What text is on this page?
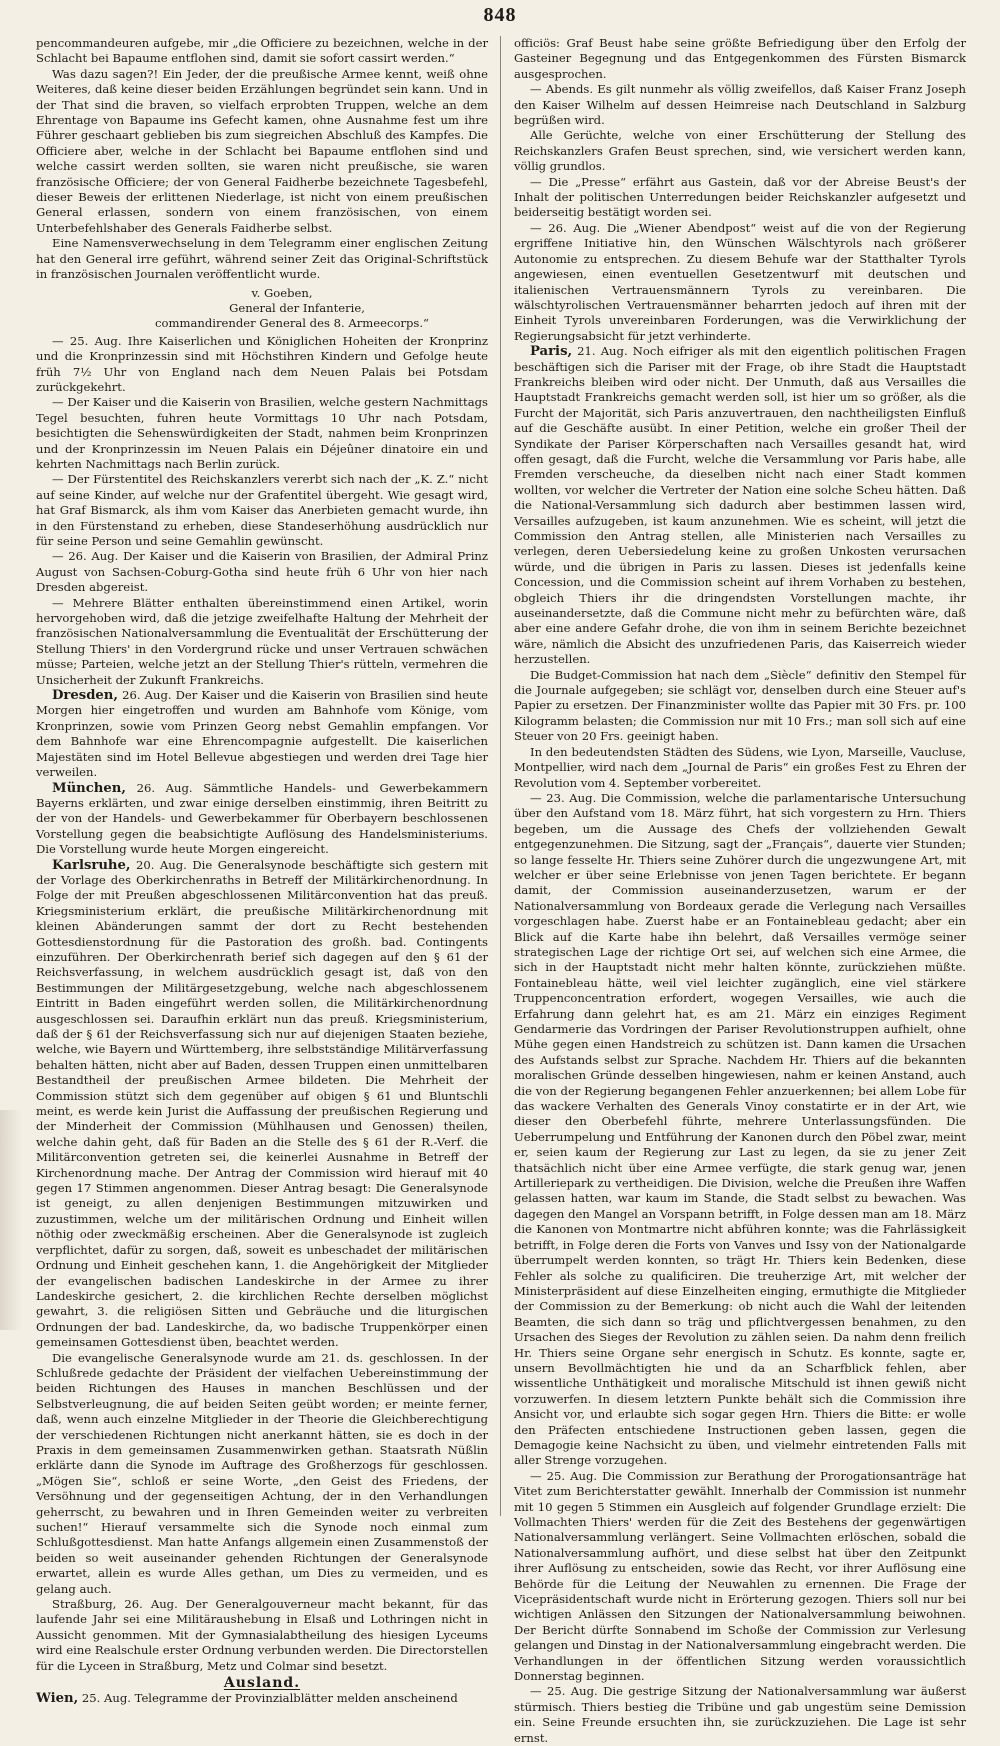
848

pencommandeuren aufgebe, mir „die Officiere zu bezeichnen, welche in der Schlacht bei Bapaume entflohen sind, damit sie sofort cassirt werden.“

Was dazu sagen?! Ein Jeder, der die preußische Armee kennt, weiß ohne Weiteres, daß keine dieser beiden Erzählungen begründet sein kann. Und in der That sind die braven, so vielfach erprobten Truppen, welche an dem Ehrentage von Bapaume ins Gefecht kamen, ohne Ausnahme fest um ihre Führer geschaart geblieben bis zum siegreichen Abschluß des Kampfes. Die Officiere aber, welche in der Schlacht bei Bapaume entflohen sind und welche cassirt werden sollten, sie waren nicht preußische, sie waren französische Officiere; der von General Faidherbe bezeichnete Tagesbefehl, dieser Beweis der erlittenen Niederlage, ist nicht von einem preußischen General erlassen, sondern von einem französischen, von einem Unterbefehlshaber des Generals Faidherbe selbst.

Eine Namensverwechselung in dem Telegramm einer englischen Zeitung hat den General irre geführt, während seiner Zeit das Original-Schriftstück in französischen Journalen veröffentlicht wurde.

v. Goeben,
General der Infanterie,
commandirender General des 8. Armeecorps.“

— 25. Aug. Ihre Kaiserlichen und Königlichen Hoheiten der Kronprinz und die Kronprinzessin sind mit Höchstihren Kindern und Gefolge heute früh 7½ Uhr von England nach dem Neuen Palais bei Potsdam zurückgekehrt.

— Der Kaiser und die Kaiserin von Brasilien, welche gestern Nachmittags Tegel besuchten, fuhren heute Vormittags 10 Uhr nach Potsdam, besichtigten die Sehenswürdigkeiten der Stadt, nahmen beim Kronprinzen und der Kronprinzessin im Neuen Palais ein Déjeûner dinatoire ein und kehrten Nachmittags nach Berlin zurück.

— Der Fürstentitel des Reichskanzlers vererbt sich nach der „K. Z.“ nicht auf seine Kinder, auf welche nur der Grafentitel übergeht. Wie gesagt wird, hat Graf Bismarck, als ihm vom Kaiser das Anerbieten gemacht wurde, ihn in den Fürstenstand zu erheben, diese Standeserhöhung ausdrücklich nur für seine Person und seine Gemahlin gewünscht.

— 26. Aug. Der Kaiser und die Kaiserin von Brasilien, der Admiral Prinz August von Sachsen-Coburg-Gotha sind heute früh 6 Uhr von hier nach Dresden abgereist.

— Mehrere Blätter enthalten übereinstimmend einen Artikel, worin hervorgehoben wird, daß die jetzige zweifelhafte Haltung der Mehrheit der französischen Nationalversammlung die Eventualität der Erschütterung der Stellung Thiers' in den Vordergrund rücke und unser Vertrauen schwächen müsse; Parteien, welche jetzt an der Stellung Thier's rütteln, vermehren die Unsicherheit der Zukunft Frankreichs.

Dresden, 26. Aug. Der Kaiser und die Kaiserin von Brasilien sind heute Morgen hier eingetroffen und wurden am Bahnhofe vom Könige, vom Kronprinzen, sowie vom Prinzen Georg nebst Gemahlin empfangen. Vor dem Bahnhofe war eine Ehrencompagnie aufgestellt. Die kaiserlichen Majestäten sind im Hotel Bellevue abgestiegen und werden drei Tage hier verweilen.

München, 26. Aug. Sämmtliche Handels- und Gewerbekammern Bayerns erklärten, und zwar einige derselben einstimmig, ihren Beitritt zu der von der Handels- und Gewerbekammer für Oberbayern beschlossenen Vorstellung gegen die beabsichtigte Auflösung des Handelsministeriums. Die Vorstellung wurde heute Morgen eingereicht.

Karlsruhe, 20. Aug. Die Generalsynode beschäftigte sich gestern mit der Vorlage des Oberkirchenraths in Betreff der Militärkirchenordnung. In Folge der mit Preußen abgeschlossenen Militärconvention hat das preuß. Kriegsministerium erklärt, die preußische Militärkirchenordnung mit kleinen Abänderungen sammt der dort zu Recht bestehenden Gottesdienstordnung für die Pastoration des großh. bad. Contingents einzuführen. Der Oberkirchenrath berief sich dagegen auf den § 61 der Reichsverfassung, in welchem ausdrücklich gesagt ist, daß von den Bestimmungen der Militärgesetzgebung, welche nach abgeschlossenem Eintritt in Baden eingeführt werden sollen, die Militärkirchenordnung ausgeschlossen sei. Daraufhin erklärt nun das preuß. Kriegsministerium, daß der § 61 der Reichsverfassung sich nur auf diejenigen Staaten beziehe, welche, wie Bayern und Württemberg, ihre selbstständige Militärverfassung behalten hätten, nicht aber auf Baden, dessen Truppen einen unmittelbaren Bestandtheil der preußischen Armee bildeten. Die Mehrheit der Commission stützt sich dem gegenüber auf obigen § 61 und Bluntschli meint, es werde kein Jurist die Auffassung der preußischen Regierung und der Minderheit der Commission (Mühlhausen und Genossen) theilen, welche dahin geht, daß für Baden an die Stelle des § 61 der R.-Verf. die Militärconvention getreten sei, die keinerlei Ausnahme in Betreff der Kirchenordnung mache. Der Antrag der Commission wird hierauf mit 40 gegen 17 Stimmen angenommen. Dieser Antrag besagt: Die Generalsynode ist geneigt, zu allen denjenigen Bestimmungen mitzuwirken und zuzustimmen, welche um der militärischen Ordnung und Einheit willen nöthig oder zweckmäßig erscheinen. Aber die Generalsynode ist zugleich verpflichtet, dafür zu sorgen, daß, soweit es unbeschadet der militärischen Ordnung und Einheit geschehen kann, 1. die Angehörigkeit der Mitglieder der evangelischen badischen Landeskirche in der Armee zu ihrer Landeskirche gesichert, 2. die kirchlichen Rechte derselben möglichst gewahrt, 3. die religiösen Sitten und Gebräuche und die liturgischen Ordnungen der bad. Landeskirche, da, wo badische Truppenkörper einen gemeinsamen Gottesdienst üben, beachtet werden.

Die evangelische Generalsynode wurde am 21. ds. geschlossen. In der Schlußrede gedachte der Präsident der vielfachen Uebereinstimmung der beiden Richtungen des Hauses in manchen Beschlüssen und der Selbstverleugnung, die auf beiden Seiten geübt worden; er meinte ferner, daß, wenn auch einzelne Mitglieder in der Theorie die Gleichberechtigung der verschiedenen Richtungen nicht anerkannt hätten, sie es doch in der Praxis in dem gemeinsamen Zusammenwirken gethan. Staatsrath Nüßlin erklärte dann die Synode im Auftrage des Großherzogs für geschlossen. „Mögen Sie“, schloß er seine Worte, „den Geist des Friedens, der Versöhnung und der gegenseitigen Achtung, der in den Verhandlungen geherrscht, zu bewahren und in Ihren Gemeinden weiter zu verbreiten suchen!“ Hierauf versammelte sich die Synode noch einmal zum Schlußgottesdienst. Man hatte Anfangs allgemein einen Zusammenstoß der beiden so weit auseinander gehenden Richtungen der Generalsynode erwartet, allein es wurde Alles gethan, um Dies zu vermeiden, und es gelang auch.

Straßburg, 26. Aug. Der Generalgouverneur macht bekannt, für das laufende Jahr sei eine Militäraushebung in Elsaß und Lothringen nicht in Aussicht genommen. Mit der Gymnasialabtheilung des hiesigen Lyceums wird eine Realschule erster Ordnung verbunden werden. Die Directorstellen für die Lyceen in Straßburg, Metz und Colmar sind besetzt.

Ausland.

Wien, 25. Aug. Telegramme der Provinzialblätter melden anscheinend

officiös: Graf Beust habe seine größte Befriedigung über den Erfolg der Gasteiner Begegnung und das Entgegenkommen des Fürsten Bismarck ausgesprochen.

— Abends. Es gilt nunmehr als völlig zweifellos, daß Kaiser Franz Joseph den Kaiser Wilhelm auf dessen Heimreise nach Deutschland in Salzburg begrüßen wird.

Alle Gerüchte, welche von einer Erschütterung der Stellung des Reichskanzlers Grafen Beust sprechen, sind, wie versichert werden kann, völlig grundlos.

— Die „Presse“ erfährt aus Gastein, daß vor der Abreise Beust's der Inhalt der politischen Unterredungen beider Reichskanzler aufgesetzt und beiderseitig bestätigt worden sei.

— 26. Aug. Die „Wiener Abendpost“ weist auf die von der Regierung ergriffene Initiative hin, den Wünschen Wälschtyrols nach größerer Autonomie zu entsprechen. Zu diesem Behufe war der Statthalter Tyrols angewiesen, einen eventuellen Gesetzentwurf mit deutschen und italienischen Vertrauensmännern Tyrols zu vereinbaren. Die wälschtyrolischen Vertrauensmänner beharrten jedoch auf ihren mit der Einheit Tyrols unvereinbaren Forderungen, was die Verwirklichung der Regierungsabsicht für jetzt verhinderte.

Paris, 21. Aug. Noch eifriger als mit den eigentlich politischen Fragen beschäftigen sich die Pariser mit der Frage, ob ihre Stadt die Hauptstadt Frankreichs bleiben wird oder nicht. Der Unmuth, daß aus Versailles die Hauptstadt Frankreichs gemacht werden soll, ist hier um so größer, als die Furcht der Majorität, sich Paris anzuvertrauen, den nachtheiligsten Einfluß auf die Geschäfte ausübt. In einer Petition, welche ein großer Theil der Syndikate der Pariser Körperschaften nach Versailles gesandt hat, wird offen gesagt, daß die Furcht, welche die Versammlung vor Paris habe, alle Fremden verscheuche, da dieselben nicht nach einer Stadt kommen wollten, vor welcher die Vertreter der Nation eine solche Scheu hätten. Daß die National-Versammlung sich dadurch aber bestimmen lassen wird, Versailles aufzugeben, ist kaum anzunehmen. Wie es scheint, will jetzt die Commission den Antrag stellen, alle Ministerien nach Versailles zu verlegen, deren Uebersiedelung keine zu großen Unkosten verursachen würde, und die übrigen in Paris zu lassen. Dieses ist jedenfalls keine Concession, und die Commission scheint auf ihrem Vorhaben zu bestehen, obgleich Thiers ihr die dringendsten Vorstellungen machte, ihr auseinandersetzte, daß die Commune nicht mehr zu befürchten wäre, daß aber eine andere Gefahr drohe, die von ihm in seinem Berichte bezeichnet wäre, nämlich die Absicht des unzufriedenen Paris, das Kaiserreich wieder herzustellen.

Die Budget-Commission hat nach dem „Siècle“ definitiv den Stempel für die Journale aufgegeben; sie schlägt vor, denselben durch eine Steuer auf's Papier zu ersetzen. Der Finanzminister wollte das Papier mit 30 Frs. pr. 100 Kilogramm belasten; die Commission nur mit 10 Frs.; man soll sich auf eine Steuer von 20 Frs. geeinigt haben.

In den bedeutendsten Städten des Südens, wie Lyon, Marseille, Vaucluse, Montpellier, wird nach dem „Journal de Paris“ ein großes Fest zu Ehren der Revolution vom 4. September vorbereitet.

— 23. Aug. Die Commission, welche die parlamentarische Untersuchung über den Aufstand vom 18. März führt, hat sich vorgestern zu Hrn. Thiers begeben, um die Aussage des Chefs der vollziehenden Gewalt entgegenzunehmen. Die Sitzung, sagt der „Français“, dauerte vier Stunden; so lange fesselte Hr. Thiers seine Zuhörer durch die ungezwungene Art, mit welcher er über seine Erlebnisse von jenen Tagen berichtete. Er begann damit, der Commission auseinanderzusetzen, warum er der Nationalversammlung von Bordeaux gerade die Verlegung nach Versailles vorgeschlagen habe. Zuerst habe er an Fontainebleau gedacht; aber ein Blick auf die Karte habe ihn belehrt, daß Versailles vermöge seiner strategischen Lage der richtige Ort sei, auf welchen sich eine Armee, die sich in der Hauptstadt nicht mehr halten könnte, zurückziehen müßte. Fontainebleau hätte, weil viel leichter zugänglich, eine viel stärkere Truppenconcentration erfordert, wogegen Versailles, wie auch die Erfahrung dann gelehrt hat, es am 21. März ein einziges Regiment Gendarmerie das Vordringen der Pariser Revolutionstruppen aufhielt, ohne Mühe gegen einen Handstreich zu schützen ist. Dann kamen die Ursachen des Aufstands selbst zur Sprache. Nachdem Hr. Thiers auf die bekannten moralischen Gründe desselben hingewiesen, nahm er keinen Anstand, auch die von der Regierung begangenen Fehler anzuerkennen; bei allem Lobe für das wackere Verhalten des Generals Vinoy constatirte er in der Art, wie dieser den Oberbefehl führte, mehrere Unterlassungsfünden. Die Ueberrumpelung und Entführung der Kanonen durch den Pöbel zwar, meint er, seien kaum der Regierung zur Last zu legen, da sie zu jener Zeit thatsächlich nicht über eine Armee verfügte, die stark genug war, jenen Artilleriepark zu vertheidigen. Die Division, welche die Preußen ihre Waffen gelassen hatten, war kaum im Stande, die Stadt selbst zu bewachen. Was dagegen den Mangel an Vorspann betrifft, in Folge dessen man am 18. März die Kanonen von Montmartre nicht abführen konnte; was die Fahrlässigkeit betrifft, in Folge deren die Forts von Vanves und Issy von der Nationalgarde überrumpelt werden konnten, so trägt Hr. Thiers kein Bedenken, diese Fehler als solche zu qualificiren. Die treuherzige Art, mit welcher der Ministerpräsident auf diese Einzelheiten einging, ermuthigte die Mitglieder der Commission zu der Bemerkung: ob nicht auch die Wahl der leitenden Beamten, die sich dann so träg und pflichtvergessen benahmen, zu den Ursachen des Sieges der Revolution zu zählen seien. Da nahm denn freilich Hr. Thiers seine Organe sehr energisch in Schutz. Es konnte, sagte er, unsern Bevollmächtigten hie und da an Scharfblick fehlen, aber wissentliche Unthätigkeit und moralische Mitschuld ist ihnen gewiß nicht vorzuwerfen. In diesem letztern Punkte behält sich die Commission ihre Ansicht vor, und erlaubte sich sogar gegen Hrn. Thiers die Bitte: er wolle den Präfecten entschiedene Instructionen geben lassen, gegen die Demagogie keine Nachsicht zu üben, und vielmehr eintretenden Falls mit aller Strenge vorzugehen.

— 25. Aug. Die Commission zur Berathung der Prorogationsanträge hat Vitet zum Berichterstatter gewählt. Innerhalb der Commission ist nunmehr mit 10 gegen 5 Stimmen ein Ausgleich auf folgender Grundlage erzielt: Die Vollmachten Thiers' werden für die Zeit des Bestehens der gegenwärtigen Nationalversammlung verlängert. Seine Vollmachten erlöschen, sobald die Nationalversammlung aufhört, und diese selbst hat über den Zeitpunkt ihrer Auflösung zu entscheiden, sowie das Recht, vor ihrer Auflösung eine Behörde für die Leitung der Neuwahlen zu ernennen. Die Frage der Vicepräsidentschaft wurde nicht in Erörterung gezogen. Thiers soll nur bei wichtigen Anlässen den Sitzungen der Nationalversammlung beiwohnen. Der Bericht dürfte Sonnabend im Schoße der Commission zur Verlesung gelangen und Dinstag in der Nationalversammlung eingebracht werden. Die Verhandlungen in der öffentlichen Sitzung werden voraussichtlich Donnerstag beginnen.

— 25. Aug. Die gestrige Sitzung der Nationalversammlung war äußerst stürmisch. Thiers bestieg die Tribüne und gab ungestüm seine Demission ein. Seine Freunde ersuchten ihn, sie zurückzuziehen. Die Lage ist sehr ernst.
